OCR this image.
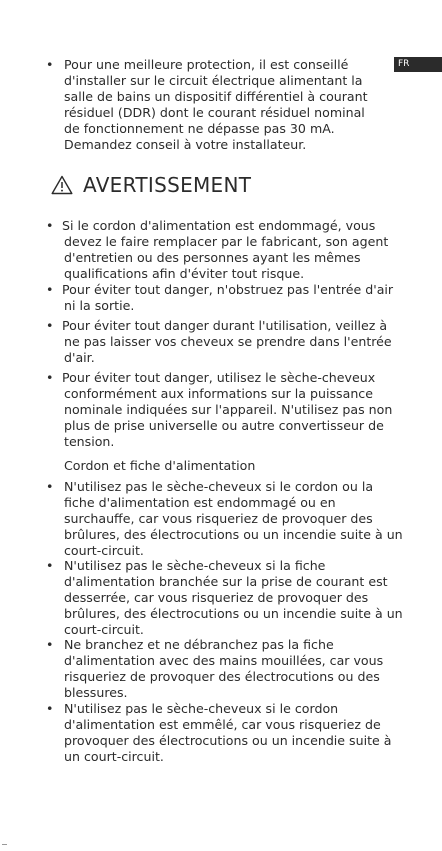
FR
• Pour une meilleure protection, il est conseillé
d'installer sur le circuit électrique alimentant la
salle de bains un dispositif différentiel à courant
résiduel (DDR) dont le courant résiduel nominal
de fonctionnement ne dépasse pas 30 mA.
Demandez conseil à votre installateur.
AVERTISSEMENT
• Si le cordon d'alimentation est endommagé, vous
devez le faire remplacer par le fabricant, son agent
d'entretien ou des personnes ayant les mêmes
qualifications afin d'éviter tout risque.
• Pour éviter tout danger, n'obstruez pas l'entrée d'air
ni la sortie.
• Pour éviter tout danger durant l'utilisation, veillez à
ne pas laisser vos cheveux se prendre dans l'entrée
d'air.
• Pour éviter tout danger, utilisez le sèche-cheveux
conformément aux informations sur la puissance
nominale indiquées sur l'appareil. N'utilisez pas non
plus de prise universelle ou autre convertisseur de
tension.
Cordon et fiche d'alimentation
• N'utilisez pas le sèche-cheveux si le cordon ou la
fiche d'alimentation est endommagé ou en
surchauffe, car vous risqueriez de provoquer des
brûlures, des électrocutions ou un incendie suite à un
court-circuit.
• N'utilisez pas le sèche-cheveux si la fiche
d'alimentation branchée sur la prise de courant est
desserrée, car vous risqueriez de provoquer des
brûlures, des électrocutions ou un incendie suite à un
court-circuit.
• Ne branchez et ne débranchez pas la fiche
d'alimentation avec des mains mouillées, car vous
risqueriez de provoquer des électrocutions ou des
blessures.
• N'utilisez pas le sèche-cheveux si le cordon
d'alimentation est emmêlé, car vous risqueriez de
provoquer des électrocutions ou un incendie suite à
un court-circuit.
